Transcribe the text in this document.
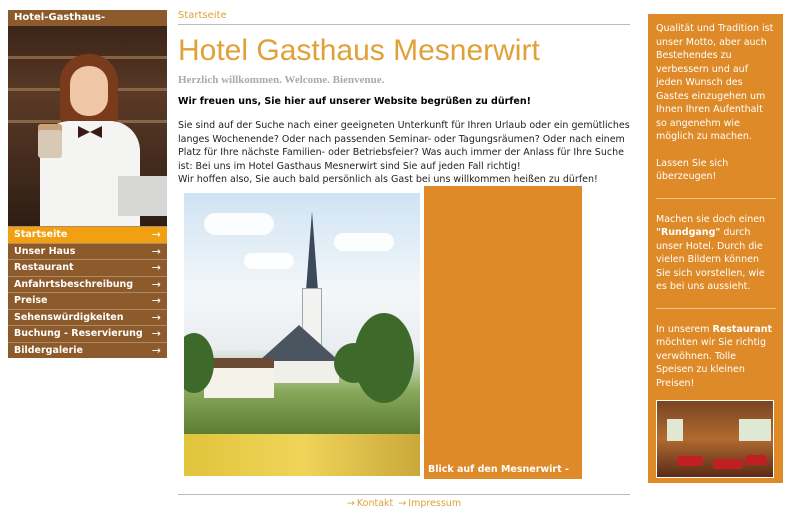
Hotel-Gasthaus-
Startseite	→
Unser Haus	→
Restaurant	→
Anfahrtsbeschreibung →
Preise	→
Sehenswürdigkeiten	→
Buchung - Reservierung →
Bildergalerie	→
Startseite
Hotel Gasthaus Mesnerwirt
Herzlich willkommen. Welcome. Bienvenue.
Wir freuen uns, Sie hier auf unserer Website begrüßen zu dürfen!

Sie sind auf der Suche nach einer geeigneten Unterkunft für Ihren Urlaub oder ein gemütliches langes Wochenende? Oder nach passenden Seminar- oder Tagungsräumen? Oder nach einem Platz für Ihre nächste Familien- oder Betriebsfeier? Was auch immer der Anlass für Ihre Suche ist: Bei uns im Hotel Gasthaus Mesnerwirt sind Sie auf jeden Fall richtig!

Wir hoffen also, Sie auch bald persönlich als Gast bei uns willkommen heißen zu dürfen!

Blick auf den Mesnerwirt -
→ Kontakt → Impressum

Qualität und Tradition ist unser Motto, aber auch Bestehendes zu verbessern und auf jeden Wunsch des Gastes einzugehen um Ihnen Ihren Aufenthalt so angenehm wie möglich zu machen.

Lassen Sie sich überzeugen!

Machen sie doch einen "Rundgang" durch unser Hotel. Durch die vielen Bildern können Sie sich vorstellen, wie es bei uns aussieht.

In unserem Restaurant möchten wir Sie richtig verwöhnen. Tolle Speisen zu kleinen Preisen!
